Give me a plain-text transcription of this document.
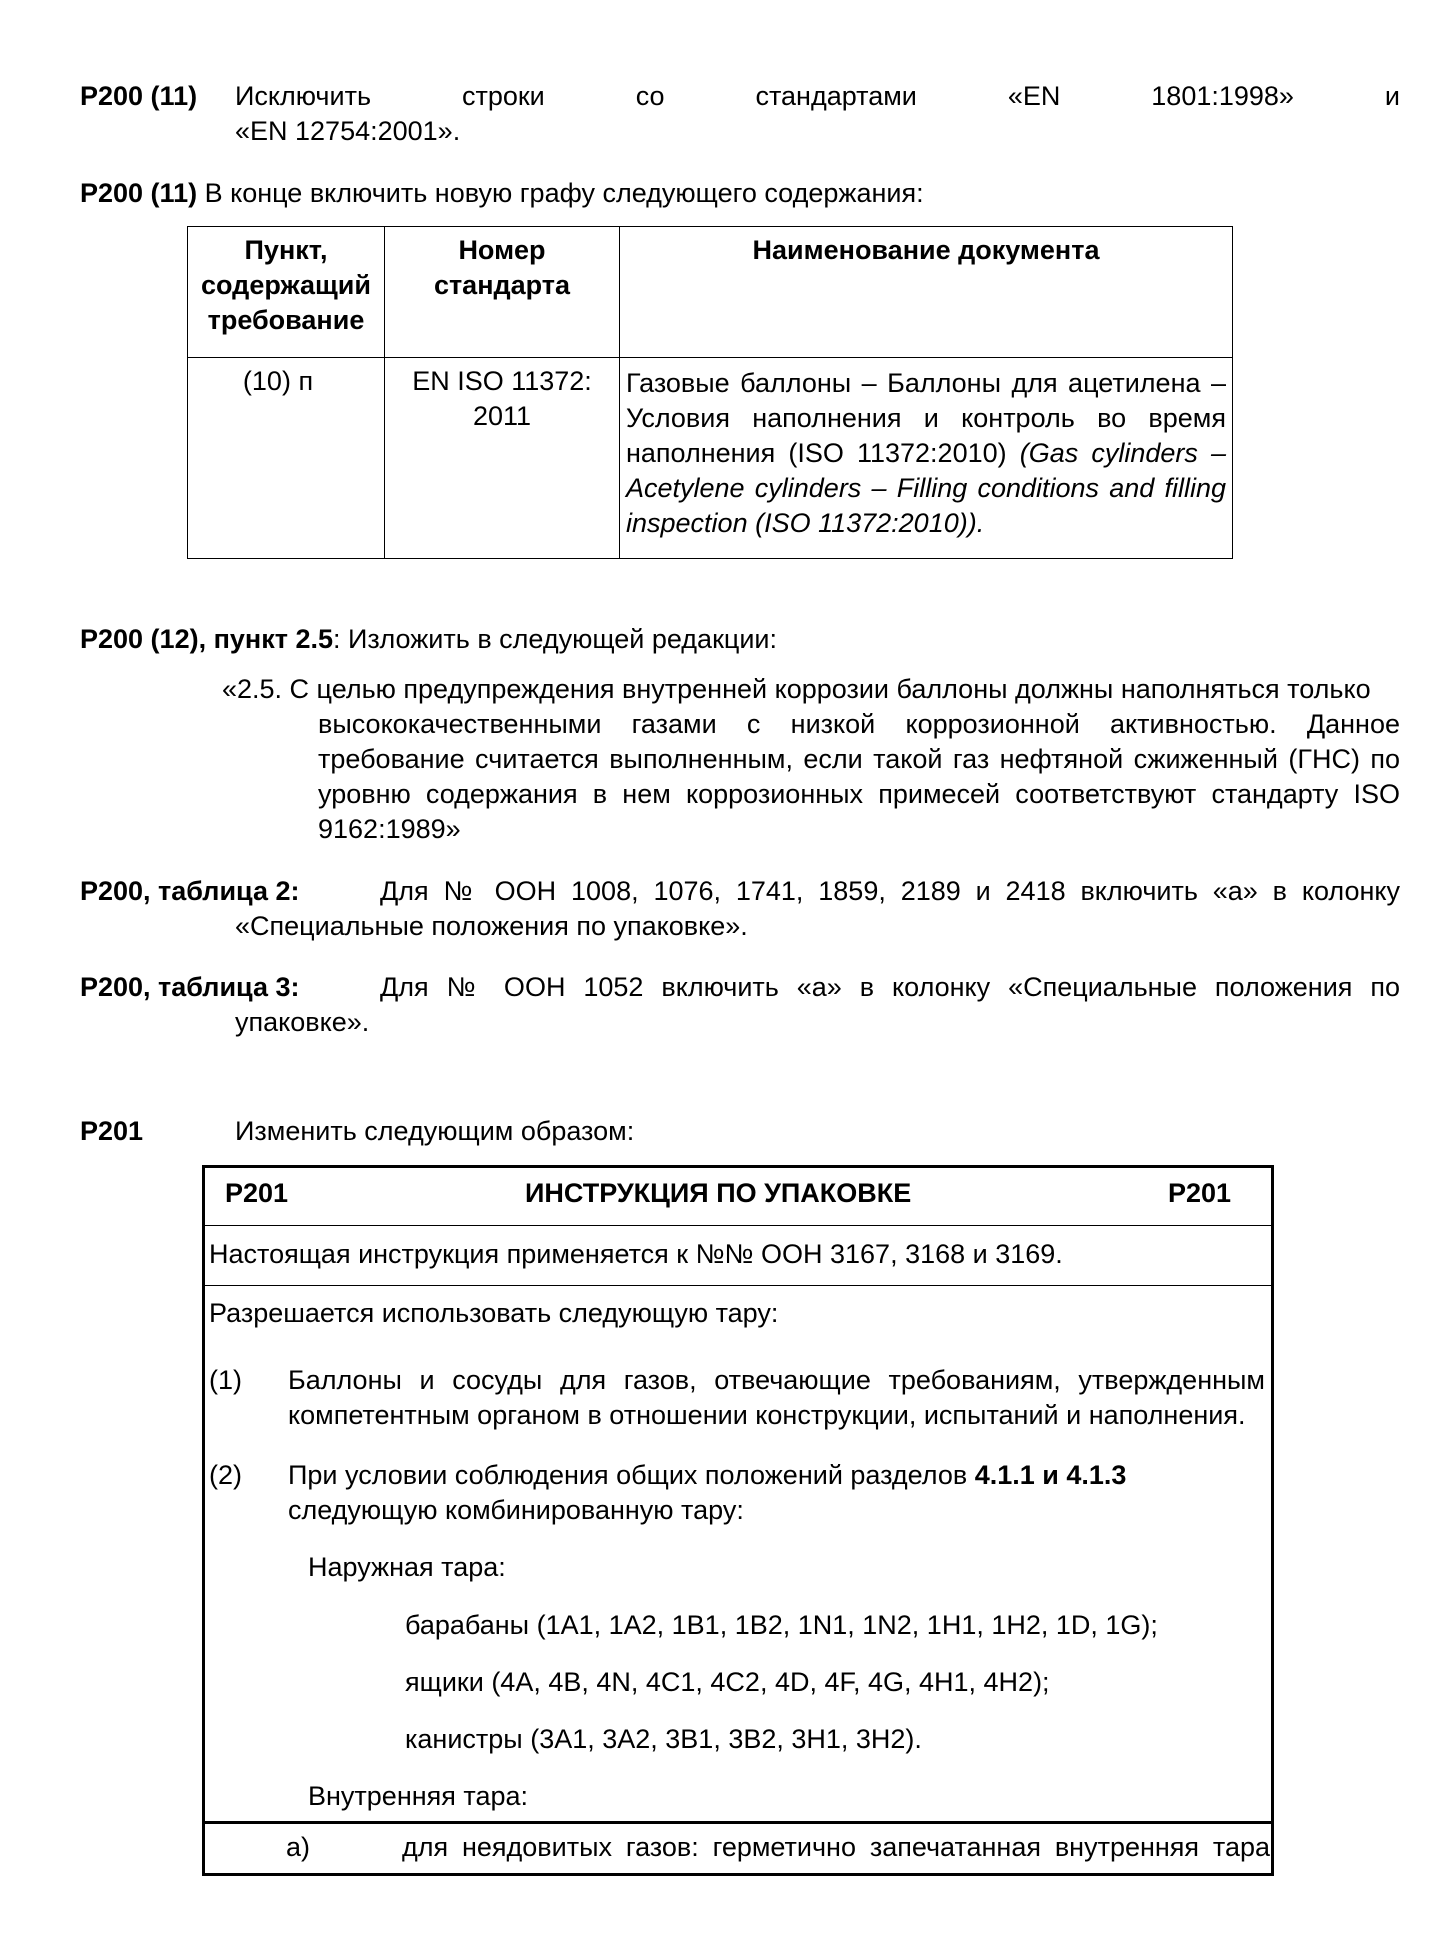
P200 (11) Исключить	строки	со	стандартами	«EN	1801:1998»	и
«EN 12754:2001».
P200 (11) В конце включить новую графу следующего содержания:
Пункт, содержащий требование	Номер стандарта	Наименование документа
(10) п	EN ISO 11372: 2011	Газовые баллоны – Баллоны для ацетилена – Условия наполнения и контроль во время наполнения (ISO 11372:2010) (Gas cylinders – Acetylene cylinders – Filling conditions and filling inspection (ISO 11372:2010)).
P200 (12), пункт 2.5: Изложить в следующей редакции:
«2.5. С целью предупреждения внутренней коррозии баллоны должны наполняться только
высококачественными газами с низкой коррозионной активностью. Данное требование считается выполненным, если такой газ нефтяной сжиженный (ГНС) по уровню содержания в нем коррозионных примесей соответствуют стандарту ISO 9162:1989»
P200, таблица 2:	Для № ООН 1008, 1076, 1741, 1859, 2189 и 2418 включить «а» в колонку
«Специальные положения по упаковке».
P200, таблица 3:	Для № ООН 1052 включить «а» в колонку «Специальные положения по
упаковке».
P201	Изменить следующим образом:
P201	ИНСТРУКЦИЯ ПО УПАКОВКЕ	P201
Настоящая инструкция применяется к №№ ООН 3167, 3168 и 3169.
Разрешается использовать следующую тару:
(1) Баллоны и сосуды для газов, отвечающие требованиям, утвержденным компетентным органом в отношении конструкции, испытаний и наполнения.
(2) При условии соблюдения общих положений разделов 4.1.1 и 4.1.3
следующую комбинированную тару:
Наружная тара:
барабаны (1A1, 1A2, 1B1, 1B2, 1N1, 1N2, 1H1, 1H2, 1D, 1G);
ящики (4A, 4B, 4N, 4C1, 4C2, 4D, 4F, 4G, 4H1, 4H2);
канистры (3A1, 3A2, 3B1, 3B2, 3H1, 3H2).
Внутренняя тара:
a)	для неядовитых газов: герметично запечатанная внутренняя тара
